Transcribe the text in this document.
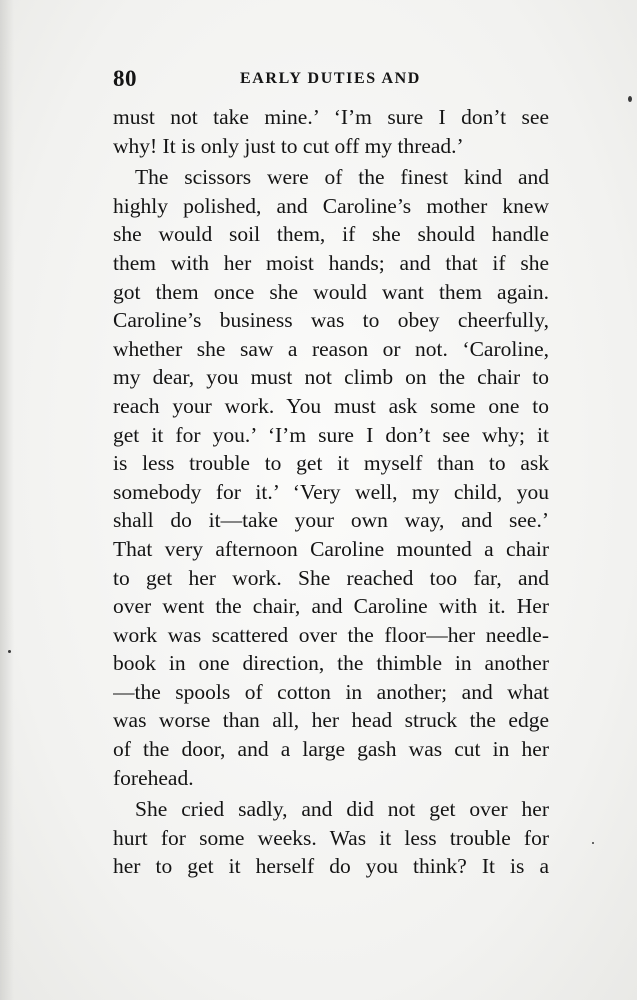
80	EARLY DUTIES AND
must not take mine.’ ‘I’m sure I don’t see
why! It is only just to cut off my thread.’
The scissors were of the finest kind and
highly polished, and Caroline’s mother knew
she would soil them, if she should handle
them with her moist hands; and that if she
got them once she would want them again.
Caroline’s business was to obey cheerfully,
whether she saw a reason or not. ‘Caroline,
my dear, you must not climb on the chair to
reach your work. You must ask some one to
get it for you.’ ‘I’m sure I don’t see why; it
is less trouble to get it myself than to ask
somebody for it.’ ‘Very well, my child, you
shall do it—take your own way, and see.’
That very afternoon Caroline mounted a chair
to get her work. She reached too far, and
over went the chair, and Caroline with it. Her
work was scattered over the floor—her needle-
book in one direction, the thimble in another
—the spools of cotton in another; and what
was worse than all, her head struck the edge
of the door, and a large gash was cut in her
forehead.
She cried sadly, and did not get over her
hurt for some weeks. Was it less trouble for
her to get it herself do you think? It is a
